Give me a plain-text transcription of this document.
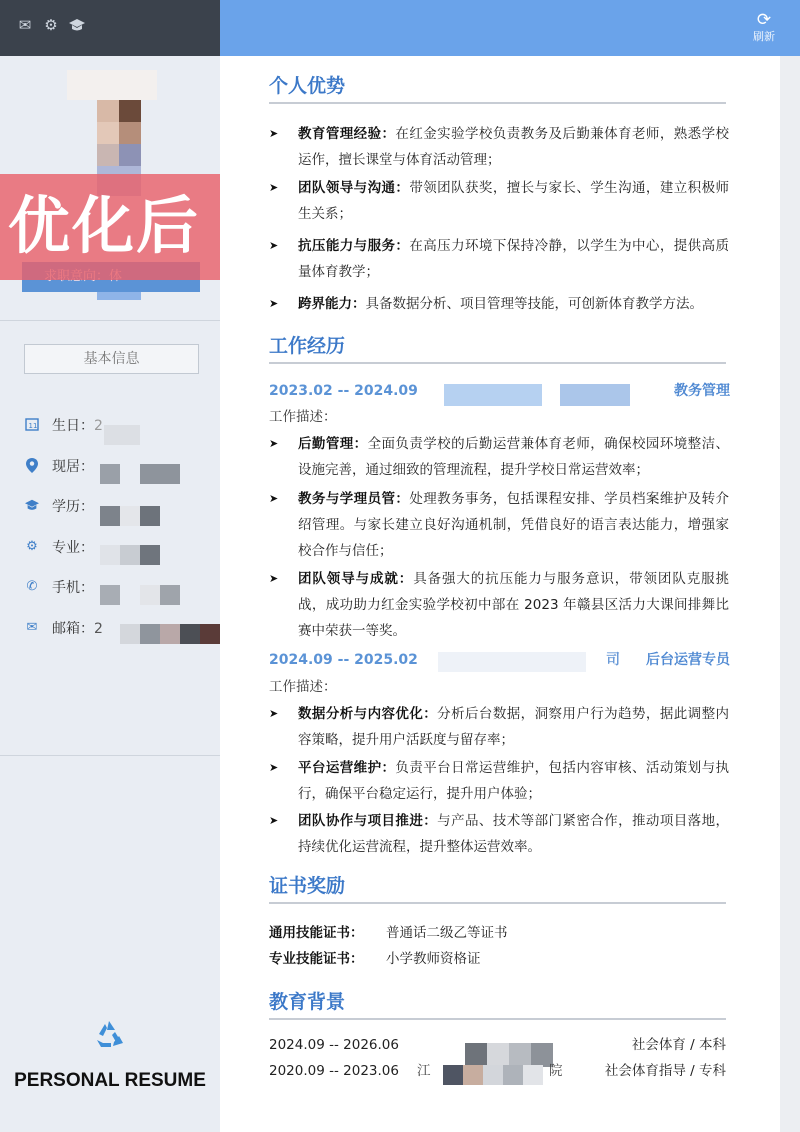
✉ ⚙
优化后
基本信息
11 生日： 2
现居：
学历：
⚙ 专业：
✆ 手机：
✉ 邮箱： 2
PERSONAL RESUME
⟳
刷新
个人优势
➤	教育管理经验：在红金实验学校负责教务及后勤兼体育老师，熟悉学校运作，擅长课堂与体育活动管理；
➤	团队领导与沟通：带领团队获奖，擅长与家长、学生沟通，建立积极师生关系；
➤	抗压能力与服务：在高压力环境下保持冷静，以学生为中心，提供高质量体育教学；
➤	跨界能力：具备数据分析、项目管理等技能，可创新体育教学方法。
工作经历
2023.02 -- 2024.09	教务管理
工作描述：
➤	后勤管理：全面负责学校的后勤运营兼体育老师，确保校园环境整洁、设施完善，通过细致的管理流程，提升学校日常运营效率；
➤	教务与学理员管：处理教务事务，包括课程安排、学员档案维护及转介绍管理。与家长建立良好沟通机制，凭借良好的语言表达能力，增强家校合作与信任；
➤	团队领导与成就：具备强大的抗压能力与服务意识，带领团队克服挑战，成功助力红金实验学校初中部在 2023 年赣县区活力大课间排舞比赛中荣获一等奖。
2024.09 -- 2025.02	司 后台运营专员
工作描述：
➤	数据分析与内容优化：分析后台数据，洞察用户行为趋势，据此调整内容策略，提升用户活跃度与留存率；
➤	平台运营维护：负责平台日常运营维护，包括内容审核、活动策划与执行，确保平台稳定运行，提升用户体验；
➤	团队协作与项目推进：与产品、技术等部门紧密合作，推动项目落地，持续优化运营流程，提升整体运营效率。
证书奖励
通用技能证书： 普通话二级乙等证书
专业技能证书： 小学教师资格证
教育背景
2024.09 -- 2026.06	社会体育 / 本科
2020.09 -- 2023.06 江	院	社会体育指导 / 专科
